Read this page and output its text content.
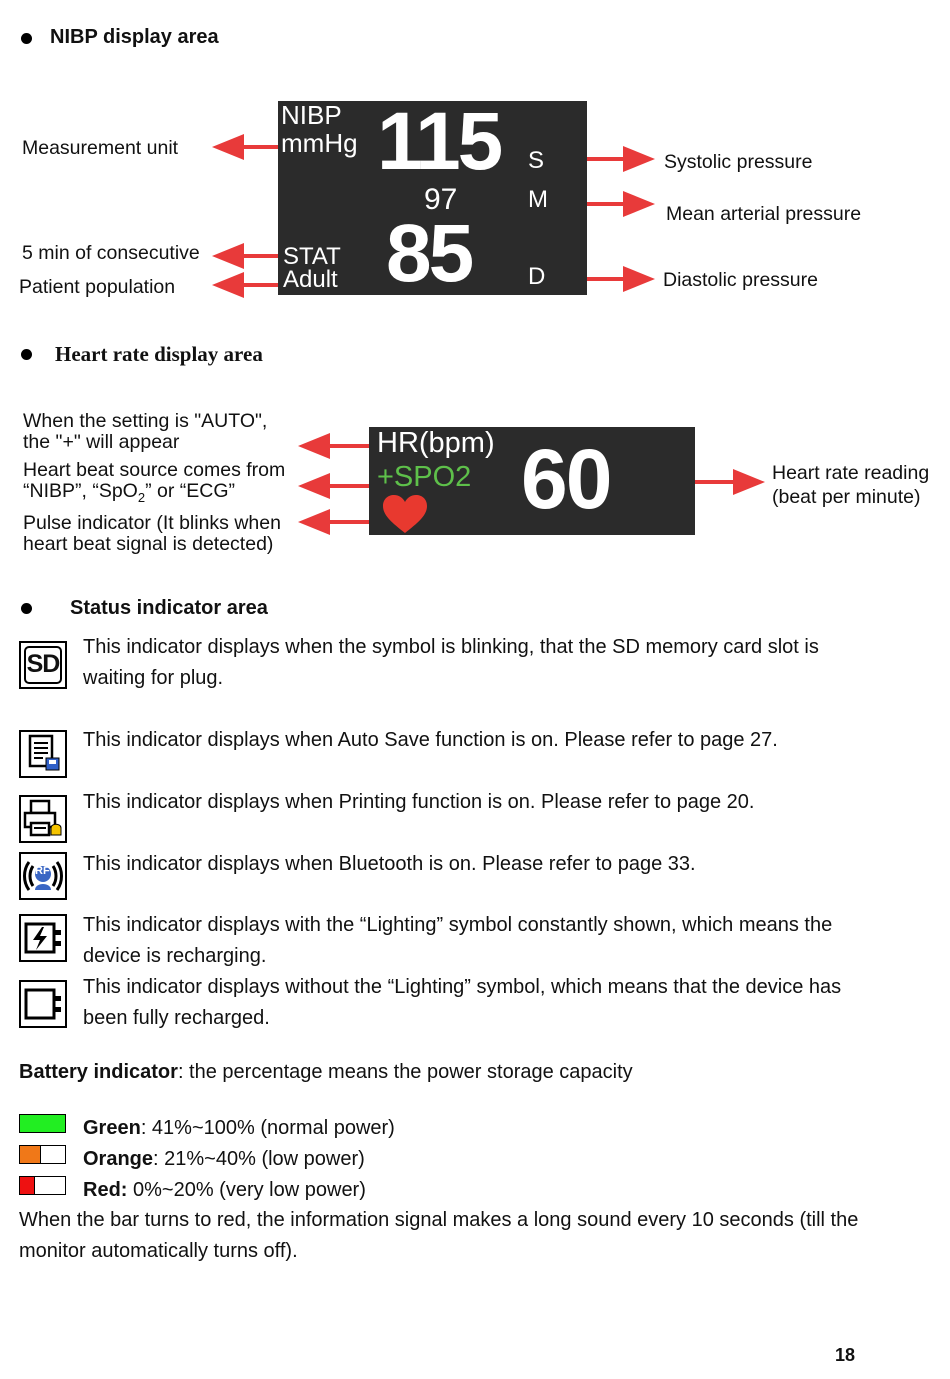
NIBP display area
Measurement unit
5 min of consecutive
Patient population
Systolic pressure
Mean arterial pressure
Diastolic pressure
NIBP
mmHg 115 S
97	M
85 D
STAT
Adult
Heart rate display area
When the setting is "AUTO",
the "+" will appear
Heart beat source comes from
“NIBP”, “SpO$_2$” or “ECG”
Pulse indicator (It blinks when
heart beat signal is detected)
Heart rate reading
(beat per minute)
HR(bpm)
+SPO2 60
Status indicator area
SD
This indicator displays when the symbol is blinking, that the SD memory card slot is waiting for plug.
This indicator displays when Auto Save function is on. Please refer to page 27.
This indicator displays when Printing function is on. Please refer to page 20.
RF This indicator displays when Bluetooth is on. Please refer to page 33.
This indicator displays with the “Lighting” symbol constantly shown, which means the device is recharging.
This indicator displays without the “Lighting” symbol, which means that the device has been fully recharged.
Battery indicator: the percentage means the power storage capacity
Green: 41%~100% (normal power)
Orange: 21%~40% (low power)
Red: 0%~20% (very low power)
When the bar turns to red, the information signal makes a long sound every 10 seconds (till the monitor automatically turns off).
18
